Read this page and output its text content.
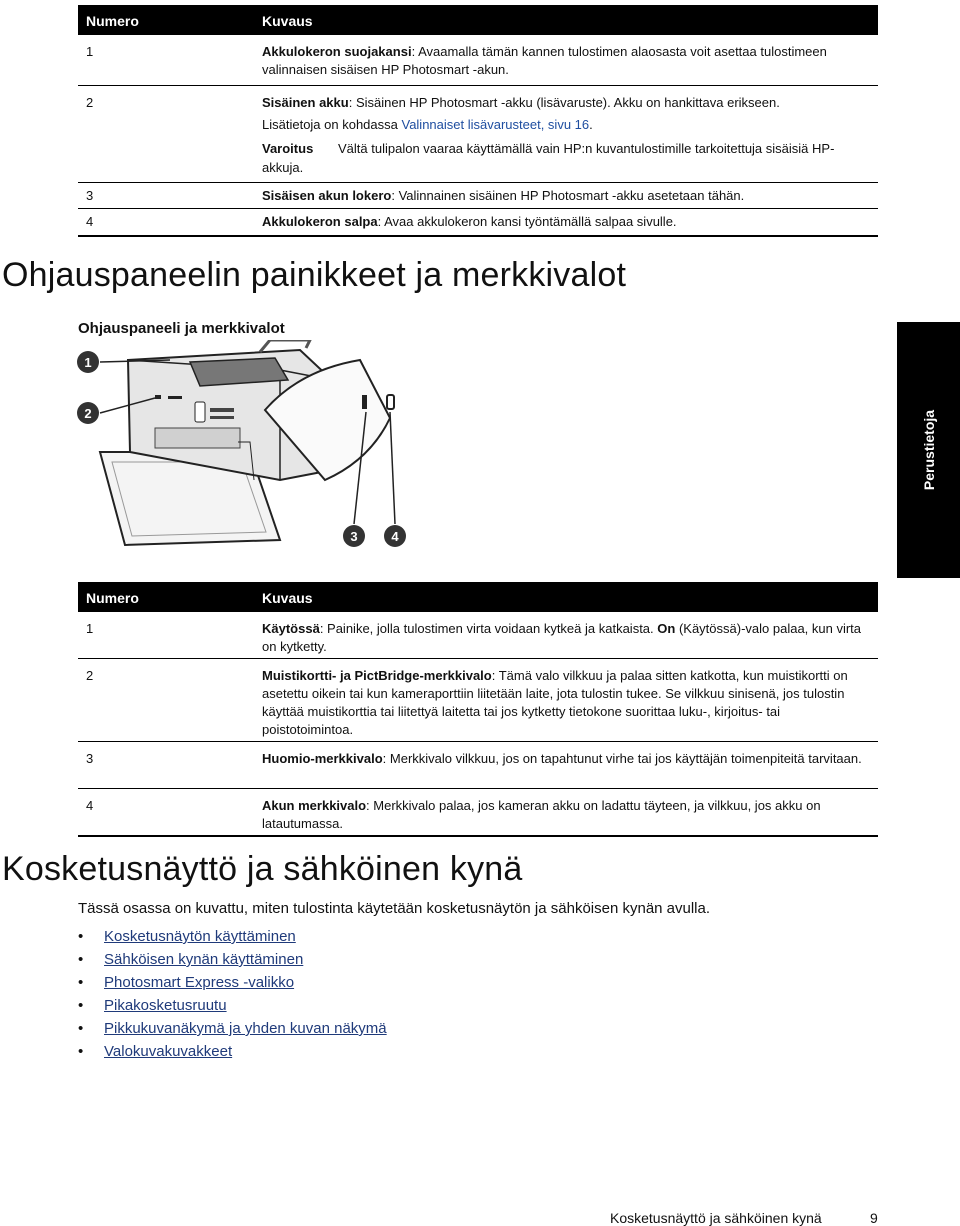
Numero	Kuvaus
1	Akkulokeron suojakansi: Avaamalla tämän kannen tulostimen alaosasta voit asettaa tulostimeen valinnaisen sisäisen HP Photosmart -akun.
2	Sisäinen akku: Sisäinen HP Photosmart -akku (lisävaruste). Akku on hankittava erikseen.
Lisätietoja on kohdassa Valinnaiset lisävarusteet, sivu 16.
Varoitus Vältä tulipalon vaaraa käyttämällä vain HP:n kuvantulostimille tarkoitettuja sisäisiä HP-
akkuja.
3	Sisäisen akun lokero: Valinnainen sisäinen HP Photosmart -akku asetetaan tähän.
4	Akkulokeron salpa: Avaa akkulokeron kansi työntämällä salpaa sivulle.
Ohjauspaneelin painikkeet ja merkkivalot
Ohjauspaneeli ja merkkivalot
1
2
3	4
Perustietoja
Numero	Kuvaus
1	Käytössä: Painike, jolla tulostimen virta voidaan kytkeä ja katkaista. On (Käytössä)-valo palaa, kun virta on kytketty.
2	Muistikortti- ja PictBridge-merkkivalo: Tämä valo vilkkuu ja palaa sitten katkotta, kun muistikortti on asetettu oikein tai kun kameraporttiin liitetään laite, jota tulostin tukee. Se vilkkuu sinisenä, jos tulostin käyttää muistikorttia tai liitettyä laitetta tai jos kytketty tietokone suorittaa luku-, kirjoitus- tai poistotoimintoa.
3	Huomio-merkkivalo: Merkkivalo vilkkuu, jos on tapahtunut virhe tai jos käyttäjän toimenpiteitä tarvitaan.
4	Akun merkkivalo: Merkkivalo palaa, jos kameran akku on ladattu täyteen, ja vilkkuu, jos akku on latautumassa.
Kosketusnäyttö ja sähköinen kynä
Tässä osassa on kuvattu, miten tulostinta käytetään kosketusnäytön ja sähköisen kynän avulla.
• Kosketusnäytön käyttäminen
• Sähköisen kynän käyttäminen
• Photosmart Express -valikko
• Pikakosketusruutu
• Pikkukuvanäkymä ja yhden kuvan näkymä
• Valokuvakuvakkeet
Kosketusnäyttö ja sähköinen kynä	9
